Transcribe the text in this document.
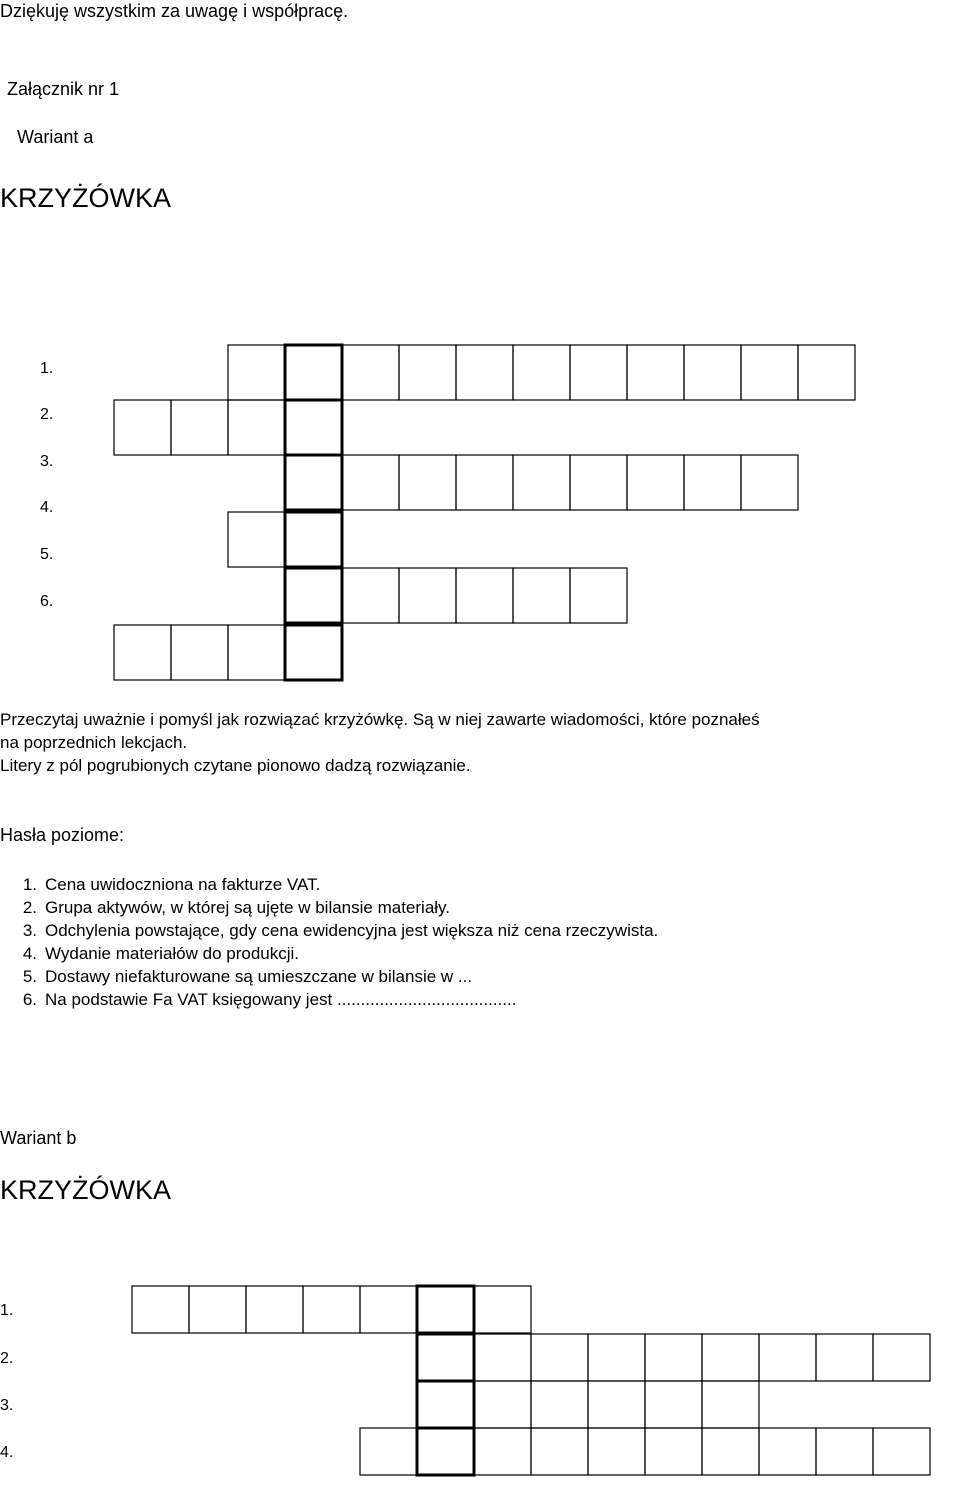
Dziękuję wszystkim za uwagę i współpracę.
Załącznik nr 1
Wariant a
KRZYŻÓWKA
1.
2.
3.
4.
5.
6.
Przeczytaj uważnie i pomyśl jak rozwiązać krzyżówkę. Są w niej zawarte wiadomości, które poznałeś
na poprzednich lekcjach.
Litery z pól pogrubionych czytane pionowo dadzą rozwiązanie.
Hasła poziome:
1. Cena uwidoczniona na fakturze VAT.
2. Grupa aktywów, w której są ujęte w bilansie materiały.
3. Odchylenia powstające, gdy cena ewidencyjna jest większa niż cena rzeczywista.
4. Wydanie materiałów do produkcji.
5. Dostawy niefakturowane są umieszczane w bilansie w ...
6. Na podstawie Fa VAT księgowany jest ......................................
Wariant b
KRZYŻÓWKA
1.
2.
3.
4.
